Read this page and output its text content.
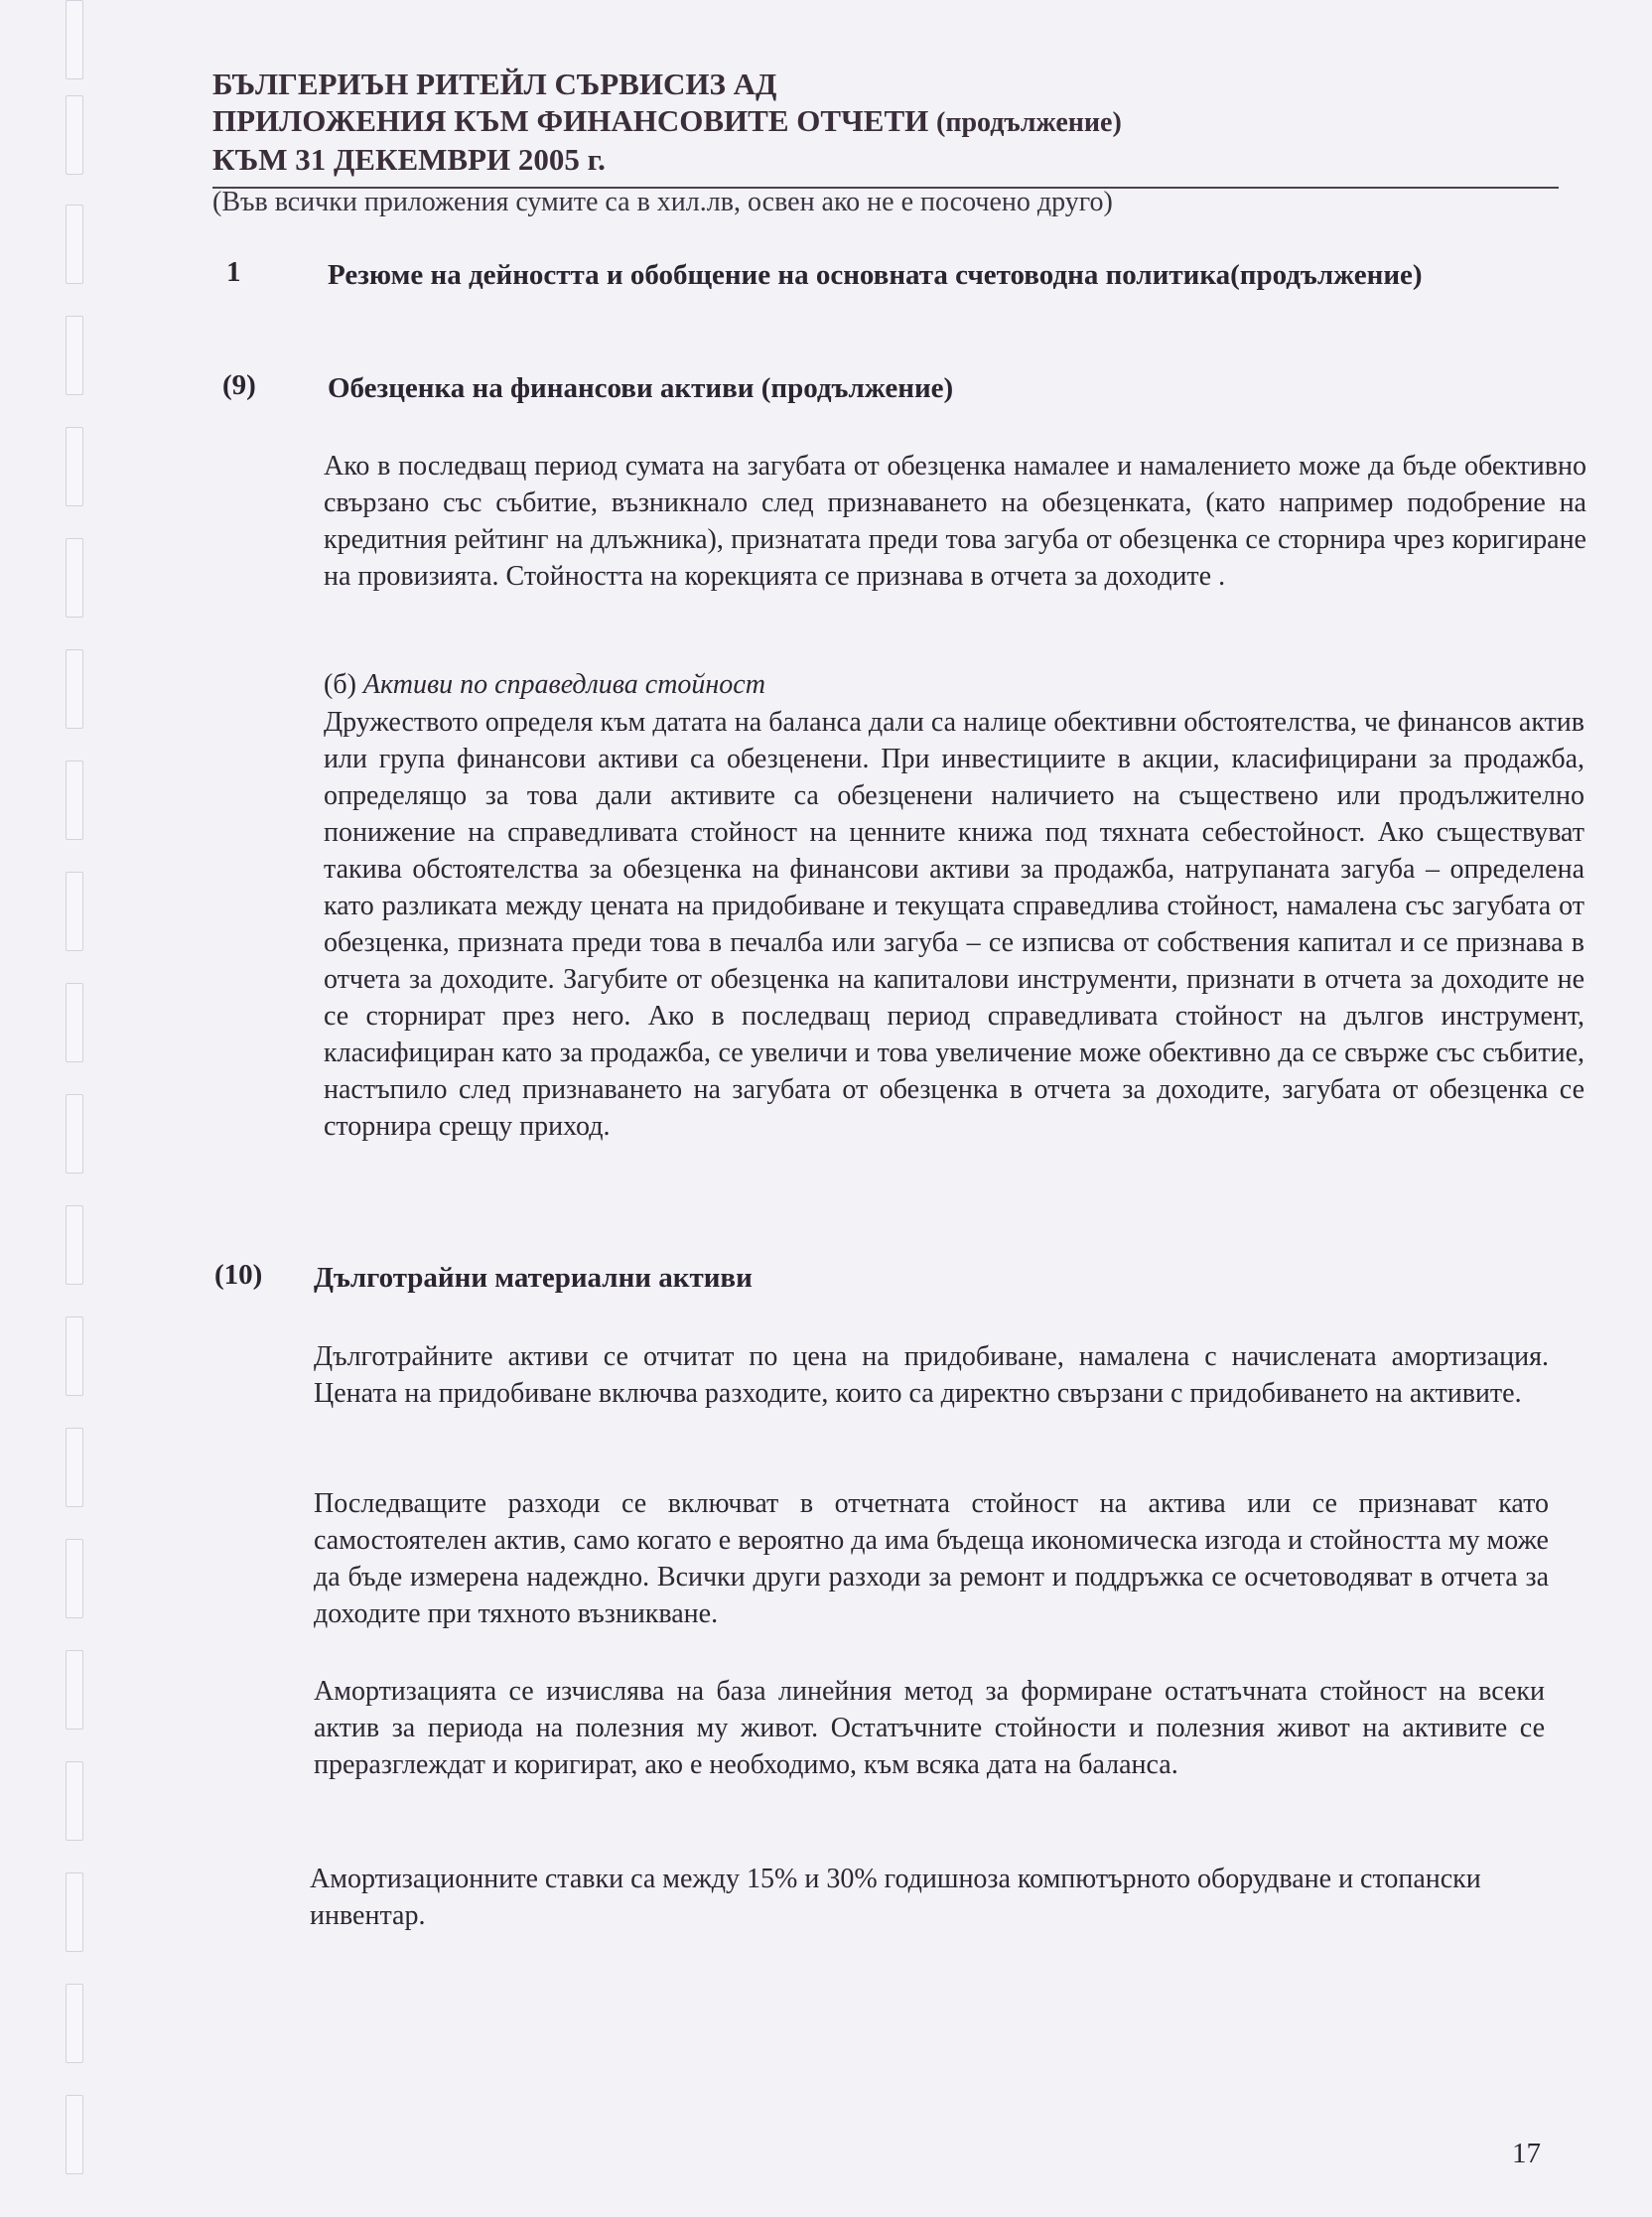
БЪЛГЕРИЪН РИТЕЙЛ СЪРВИСИЗ АД
ПРИЛОЖЕНИЯ КЪМ ФИНАНСОВИТЕ ОТЧЕТИ (продължение)
КЪМ 31 ДЕКЕМВРИ 2005 г.
(Във всички приложения сумите са в хил.лв, освен ако не е посочено друго)
1	Резюме на дейността и обобщение на основната счетоводна политика(продължение)
(9) Обезценка на финансови активи (продължение)
Ако в последващ период сумата на загубата от обезценка намалее и намалението може да бъде обективно свързано със събитие, възникнало след признаването на обезценката, (като например подобрение на кредитния рейтинг на длъжника), признатата преди това загуба от обезценка се сторнира чрез коригиране на провизията. Стойността на корекцията се признава в отчета за доходите .
(б) Активи по справедлива стойност
Дружеството определя към датата на баланса дали са налице обективни обстоятелства, че финансов актив или група финансови активи са обезценени. При инвестициите в акции, класифицирани за продажба, определящо за това дали активите са обезценени наличието на съществено или продължително понижение на справедливата стойност на ценните книжа под тяхната себестойност. Ако съществуват такива обстоятелства за обезценка на финансови активи за продажба, натрупаната загуба – определена като разликата между цената на придобиване и текущата справедлива стойност, намалена със загубата от обезценка, призната преди това в печалба или загуба – се изписва от собствения капитал и се признава в отчета за доходите. Загубите от обезценка на капиталови инструменти, признати в отчета за доходите не се сторнират през него. Ако в последващ период справедливата стойност на дългов инструмент, класифициран като за продажба, се увеличи и това увеличение може обективно да се свърже със събитие, настъпило след признаването на загубата от обезценка в отчета за доходите, загубата от обезценка се сторнира срещу приход.
(10) Дълготрайни материални активи
Дълготрайните активи се отчитат по цена на придобиване, намалена с начислената амортизация. Цената на придобиване включва разходите, които са директно свързани с придобиването на активите.
Последващите разходи се включват в отчетната стойност на актива или се признават като самостоятелен актив, само когато е вероятно да има бъдеща икономическа изгода и стойността му може да бъде измерена надеждно. Всички други разходи за ремонт и поддръжка се осчетоводяват в отчета за доходите при тяхното възникване.
Амортизацията се изчислява на база линейния метод за формиране остатъчната стойност на всеки актив за периода на полезния му живот. Остатъчните стойности и полезния живот на активите се преразглеждат и коригират, ако е необходимо, към всяка дата на баланса.
Амортизационните ставки са между 15% и 30% годишноза компютърното оборудване и стопански инвентар.
17
